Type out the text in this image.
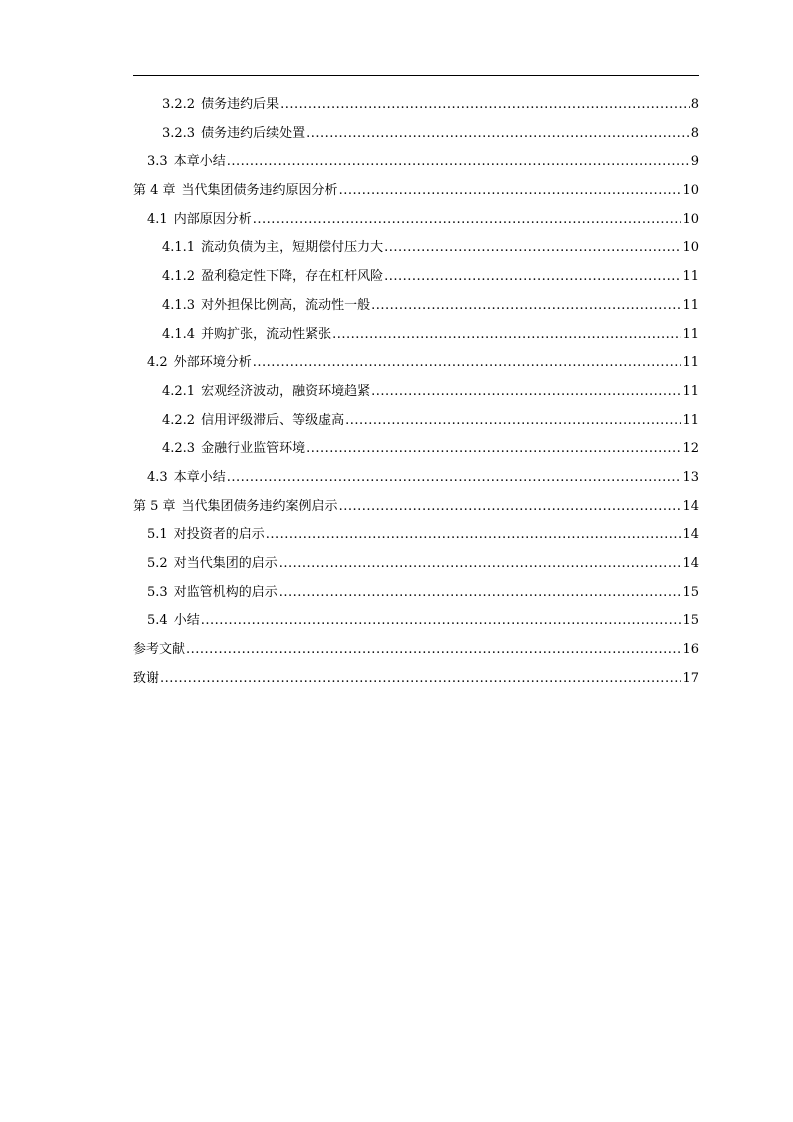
3.2.2 债务违约后果 .....	8
3.2.3 债务违约后续处置 .....	8
3.3 本章小结 .....	9
第 4 章 当代集团债务违约原因分析 .....	10
4.1 内部原因分析 .....	10
4.1.1 流动负债为主，短期偿付压力大 .....	10
4.1.2 盈利稳定性下降，存在杠杆风险 .....	11
4.1.3 对外担保比例高，流动性一般 .....	11
4.1.4 并购扩张，流动性紧张 .....	11
4.2 外部环境分析 .....	11
4.2.1 宏观经济波动，融资环境趋紧 .....	11
4.2.2 信用评级滞后、等级虚高 .....	11
4.2.3 金融行业监管环境 .....	12
4.3 本章小结 .....	13
第 5 章 当代集团债务违约案例启示 .....	14
5.1 对投资者的启示 .....	14
5.2 对当代集团的启示 .....	14
5.3 对监管机构的启示 .....	15
5.4 小结 .....	15
参考文献 .....	16
致谢 .....	17
